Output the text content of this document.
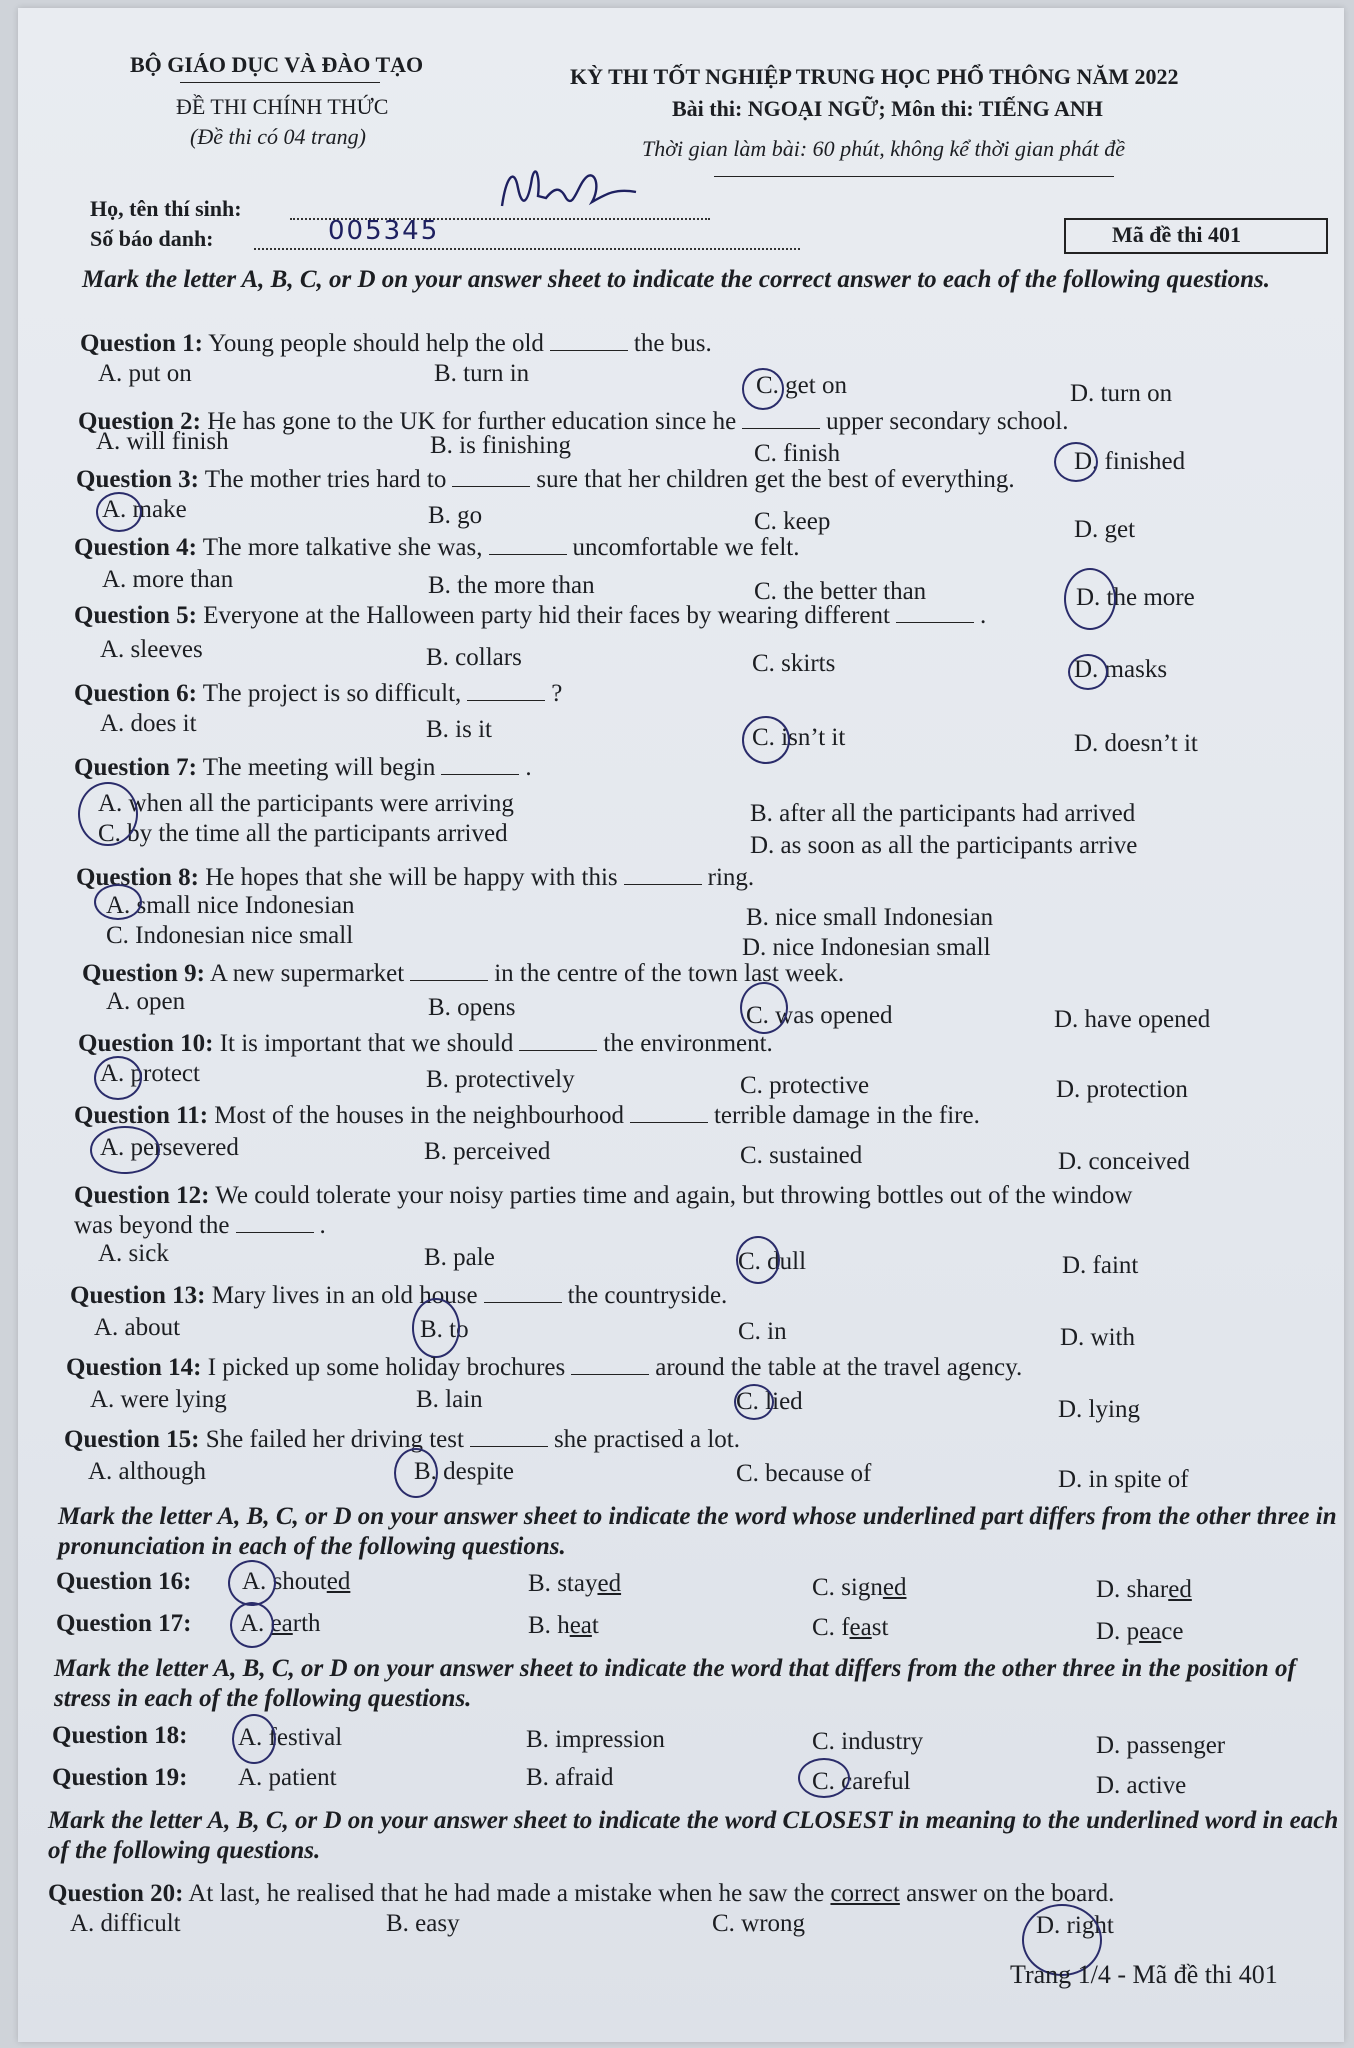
BỘ GIÁO DỤC VÀ ĐÀO TẠO
ĐỀ THI CHÍNH THỨC
(Đề thi có 04 trang)
KỲ THI TỐT NGHIỆP TRUNG HỌC PHỔ THÔNG NĂM 2022
Bài thi: NGOẠI NGỮ; Môn thi: TIẾNG ANH
Thời gian làm bài: 60 phút, không kể thời gian phát đề
Họ, tên thí sinh:
Số báo danh:	005345	Mã đề thi 401
Mark the letter A, B, C, or D on your answer sheet to indicate the correct answer to each of the following questions.
Question 1: Young people should help the old	the bus.
A. put on	B. turn in	C. get on	D. turn on
Question 2: He has gone to the UK for further education since he	upper secondary school.
A. will finish	B. is finishing	C. finish	D. finished
Question 3: The mother tries hard to	sure that her children get the best of everything.
A. make	B. go	C. keep	D. get
Question 4: The more talkative she was,	uncomfortable we felt.
A. more than	B. the more than	C. the better than	D. the more
Question 5: Everyone at the Halloween party hid their faces by wearing different	.
A. sleeves	B. collars	C. skirts	D. masks
Question 6: The project is so difficult,	?
A. does it	B. is it	C. isn’t it	D. doesn’t it
Question 7: The meeting will begin	.
A. when all the participants were arriving	B. after all the participants had arrived
C. by the time all the participants arrived	D. as soon as all the participants arrive
Question 8: He hopes that she will be happy with this	ring.
A. small nice Indonesian	B. nice small Indonesian
C. Indonesian nice small	D. nice Indonesian small
Question 9: A new supermarket	in the centre of the town last week.
A. open	B. opens	C. was opened	D. have opened
Question 10: It is important that we should	the environment.
A. protect	B. protectively	C. protective	D. protection
Question 11: Most of the houses in the neighbourhood	terrible damage in the fire.
A. persevered	B. perceived	C. sustained	D. conceived
Question 12: We could tolerate your noisy parties time and again, but throwing bottles out of the window
was beyond the	.
A. sick	B. pale	C. dull	D. faint
Question 13: Mary lives in an old house	the countryside.
A. about	B. to	C. in	D. with
Question 14: I picked up some holiday brochures	around the table at the travel agency.
A. were lying	B. lain	C. lied	D. lying
Question 15: She failed her driving test	she practised a lot.
A. although	B. despite	C. because of	D. in spite of
Mark the letter A, B, C, or D on your answer sheet to indicate the word whose underlined part differs from the other three in pronunciation in each of the following questions.
Question 16: A. shouted	B. stayed	C. signed	D. shared
Question 17: A. earth	B. heat	C. feast	D. peace
Mark the letter A, B, C, or D on your answer sheet to indicate the word that differs from the other three in the position of stress in each of the following questions.
Question 18: A. festival	B. impression	C. industry	D. passenger
Question 19: A. patient	B. afraid	C. careful	D. active
Mark the letter A, B, C, or D on your answer sheet to indicate the word CLOSEST in meaning to the underlined word in each of the following questions.
Question 20: At last, he realised that he had made a mistake when he saw the correct answer on the board.
A. difficult	B. easy	C. wrong	D. right
Trang 1/4 - Mã đề thi 401
